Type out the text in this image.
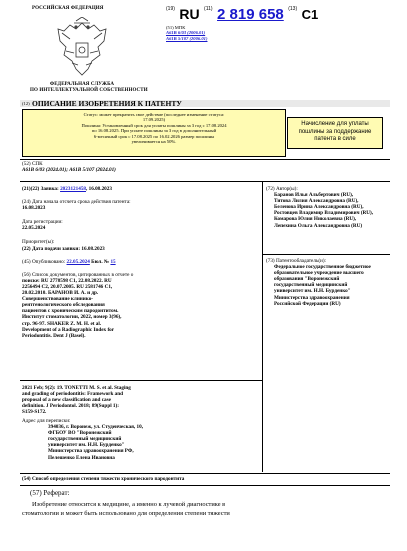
РОССИЙСКАЯ ФЕДЕРАЦИЯ	$^{(19)}$ RU $^{(11)}$ 2 819 658 $^{(13)}$ C1
(51) МПК
A61B 6/03 (2006.01)
A61B 5/107 (2006.01)
ФЕДЕРАЛЬНАЯ СЛУЖБА
ПО ИНТЕЛЛЕКТУАЛЬНОЙ СОБСТВЕННОСТИ
(12) ОПИСАНИЕ ИЗОБРЕТЕНИЯ К ПАТЕНТУ
Статус: может прекратить свое действие (последнее изменение статуса:
17.09.2025)
Пошлина: Установленный срок для уплаты пошлины за 3 год с 17.08.2024
по 16.08.2025. При уплате пошлины за 3 год в дополнительный
6-месячный срок с 17.08.2025 по 16.02.2026 размер пошлины
увеличивается на 50%.
Начисление для уплаты пошлины за поддержание патента в силе
(52) СПК
A61B 6/03 (2024.01); A61B 5/107 (2024.01)
(21)(22) Заявка: 2023121458, 16.08.2023
(24) Дата начала отсчета срока действия патента:
16.08.2023
Дата регистрации:
22.05.2024
Приоритет(ы):
(22) Дата подачи заявки: 16.08.2023
(45) Опубликовано: 22.05.2024 Бюл. № 15
(56) Список документов, цитированных в отчете о
поиске: RU 2778598 C1, 22.08.2022. RU
2256494 C2, 20.07.2005. RU 2581746 C1,
20.02.2010. БАРАНОВ И. А. и др.
Совершенствование клинико-
рентгенологического обследования
пациентов с хроническим пародонтитом.
Институт стоматологии, 2022, номер 3(96),
стр. 96-97. SHAKER Z. M. H. et al.
Development of a Radiographic Index for
Periodontitis. Dent J (Basel).
2021 Feb; 9(2): 19. TONETTI M. S. et al. Staging
and grading of periodontitis: Framework and
proposal of a new classification and case
definition. J Periodontol. 2018; 89(Suppl 1):
S159-S172.
Адрес для переписки:
394036, г. Воронеж, ул. Студенческая, 10,
ФГБОУ ВО "Воронежский
государственный медицинский
университет им. Н.Н. Бурденко"
Министерства здравоохранения РФ,
Пелешенко Елена Ивановна
(72) Автор(ы):
Баранов Илья Альбертович (RU),
Титова Лилия Александровна (RU),
Беленова Ирина Александровна (RU),
Ростовцев Владимир Владимирович (RU),
Комарова Юлия Николаевна (RU),
Лепехина Ольга Александровна (RU)
(73) Патентообладатель(и):
Федеральное государственное бюджетное
образовательное учреждение высшего
образования "Воронежский
государственный медицинский
университет им. Н.Н. Бурденко"
Министерства здравоохранения
Российской Федерации (RU)
(54) Способ определения степени тяжести хронического пародонтита
(57) Реферат:
Изобретение относится к медицине, а именно к лучевой диагностике в
стоматологии и может быть использовано для определения степени тяжести
